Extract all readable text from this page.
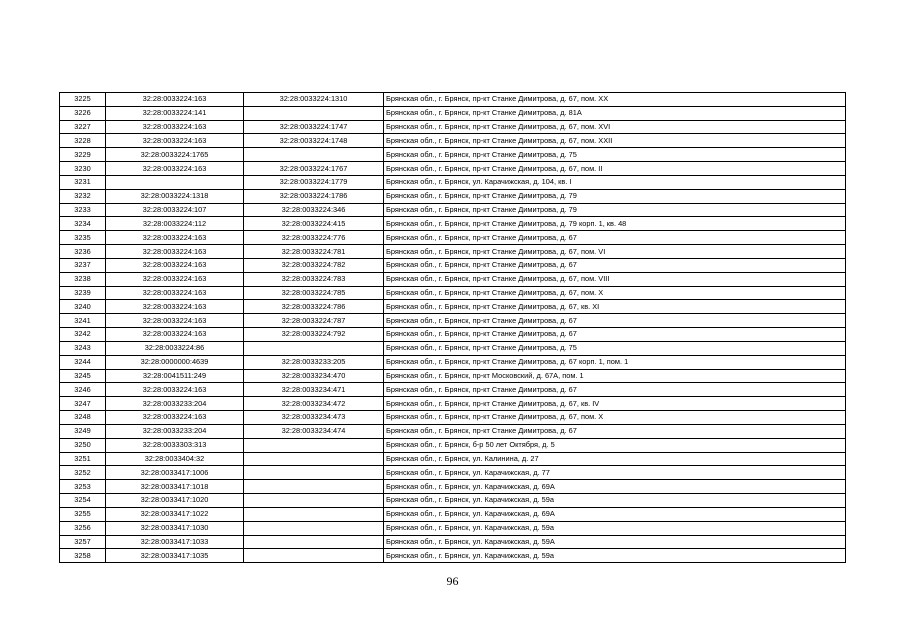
3225	32:28:0033224:163	32:28:0033224:1310	Брянская обл., г. Брянск, пр-кт Станке Димитрова, д. 67, пом. XX
3226	32:28:0033224:141		Брянская обл., г. Брянск, пр-кт Станке Димитрова, д. 81А
3227	32:28:0033224:163	32:28:0033224:1747	Брянская обл., г. Брянск, пр-кт Станке Димитрова, д. 67, пом. XVI
3228	32:28:0033224:163	32:28:0033224:1748	Брянская обл., г. Брянск, пр-кт Станке Димитрова, д. 67, пом. XXII
3229	32:28:0033224:1765		Брянская обл., г. Брянск, пр-кт Станке Димитрова, д. 75
3230	32:28:0033224:163	32:28:0033224:1767	Брянская обл., г. Брянск, пр-кт Станке Димитрова, д. 67, пом. II
3231		32:28:0033224:1779	Брянская обл., г. Брянск, ул. Карачижская, д. 104, кв. I
3232	32:28:0033224:1318	32:28:0033224:1786	Брянская обл., г. Брянск, пр-кт Станке Димитрова, д. 79
3233	32:28:0033224:107	32:28:0033224:346	Брянская обл., г. Брянск, пр-кт Станке Димитрова, д. 79
3234	32:28:0033224:112	32:28:0033224:415	Брянская обл., г. Брянск, пр-кт Станке Димитрова, д. 79 корп. 1, кв. 48
3235	32:28:0033224:163	32:28:0033224:776	Брянская обл., г. Брянск, пр-кт Станке Димитрова, д. 67
3236	32:28:0033224:163	32:28:0033224:781	Брянская обл., г. Брянск, пр-кт Станке Димитрова, д. 67, пом. VI
3237	32:28:0033224:163	32:28:0033224:782	Брянская обл., г. Брянск, пр-кт Станке Димитрова, д. 67
3238	32:28:0033224:163	32:28:0033224:783	Брянская обл., г. Брянск, пр-кт Станке Димитрова, д. 67, пом. VIII
3239	32:28:0033224:163	32:28:0033224:785	Брянская обл., г. Брянск, пр-кт Станке Димитрова, д. 67, пом. X
3240	32:28:0033224:163	32:28:0033224:786	Брянская обл., г. Брянск, пр-кт Станке Димитрова, д. 67, кв. XI
3241	32:28:0033224:163	32:28:0033224:787	Брянская обл., г. Брянск, пр-кт Станке Димитрова, д. 67
3242	32:28:0033224:163	32:28:0033224:792	Брянская обл., г. Брянск, пр-кт Станке Димитрова, д. 67
3243	32:28:0033224:86		Брянская обл., г. Брянск, пр-кт Станке Димитрова, д. 75
3244	32:28:0000000:4639	32:28:0033233:205	Брянская обл., г. Брянск, пр-кт Станке Димитрова, д. 67 корп. 1, пом. 1
3245	32:28:0041511:249	32:28:0033234:470	Брянская обл., г. Брянск, пр-кт Московский, д. 67А, пом. 1
3246	32:28:0033224:163	32:28:0033234:471	Брянская обл., г. Брянск, пр-кт Станке Димитрова, д. 67
3247	32:28:0033233:204	32:28:0033234:472	Брянская обл., г. Брянск, пр-кт Станке Димитрова, д. 67, кв. IV
3248	32:28:0033224:163	32:28:0033234:473	Брянская обл., г. Брянск, пр-кт Станке Димитрова, д. 67, пом. X
3249	32:28:0033233:204	32:28:0033234:474	Брянская обл., г. Брянск, пр-кт Станке Димитрова, д. 67
3250	32:28:0033303:313		Брянская обл., г. Брянск, б-р 50 лет Октября, д. 5
3251	32:28:0033404:32		Брянская обл., г. Брянск, ул. Калинина, д. 27
3252	32:28:0033417:1006		Брянская обл., г. Брянск, ул. Карачижская, д. 77
3253	32:28:0033417:1018		Брянская обл., г. Брянск, ул. Карачижская, д. 69А
3254	32:28:0033417:1020		Брянская обл., г. Брянск, ул. Карачижская, д. 59а
3255	32:28:0033417:1022		Брянская обл., г. Брянск, ул. Карачижская, д. 69А
3256	32:28:0033417:1030		Брянская обл., г. Брянск, ул. Карачижская, д. 59а
3257	32:28:0033417:1033		Брянская обл., г. Брянск, ул. Карачижская, д. 59А
3258	32:28:0033417:1035		Брянская обл., г. Брянск, ул. Карачижская, д. 59а
96
